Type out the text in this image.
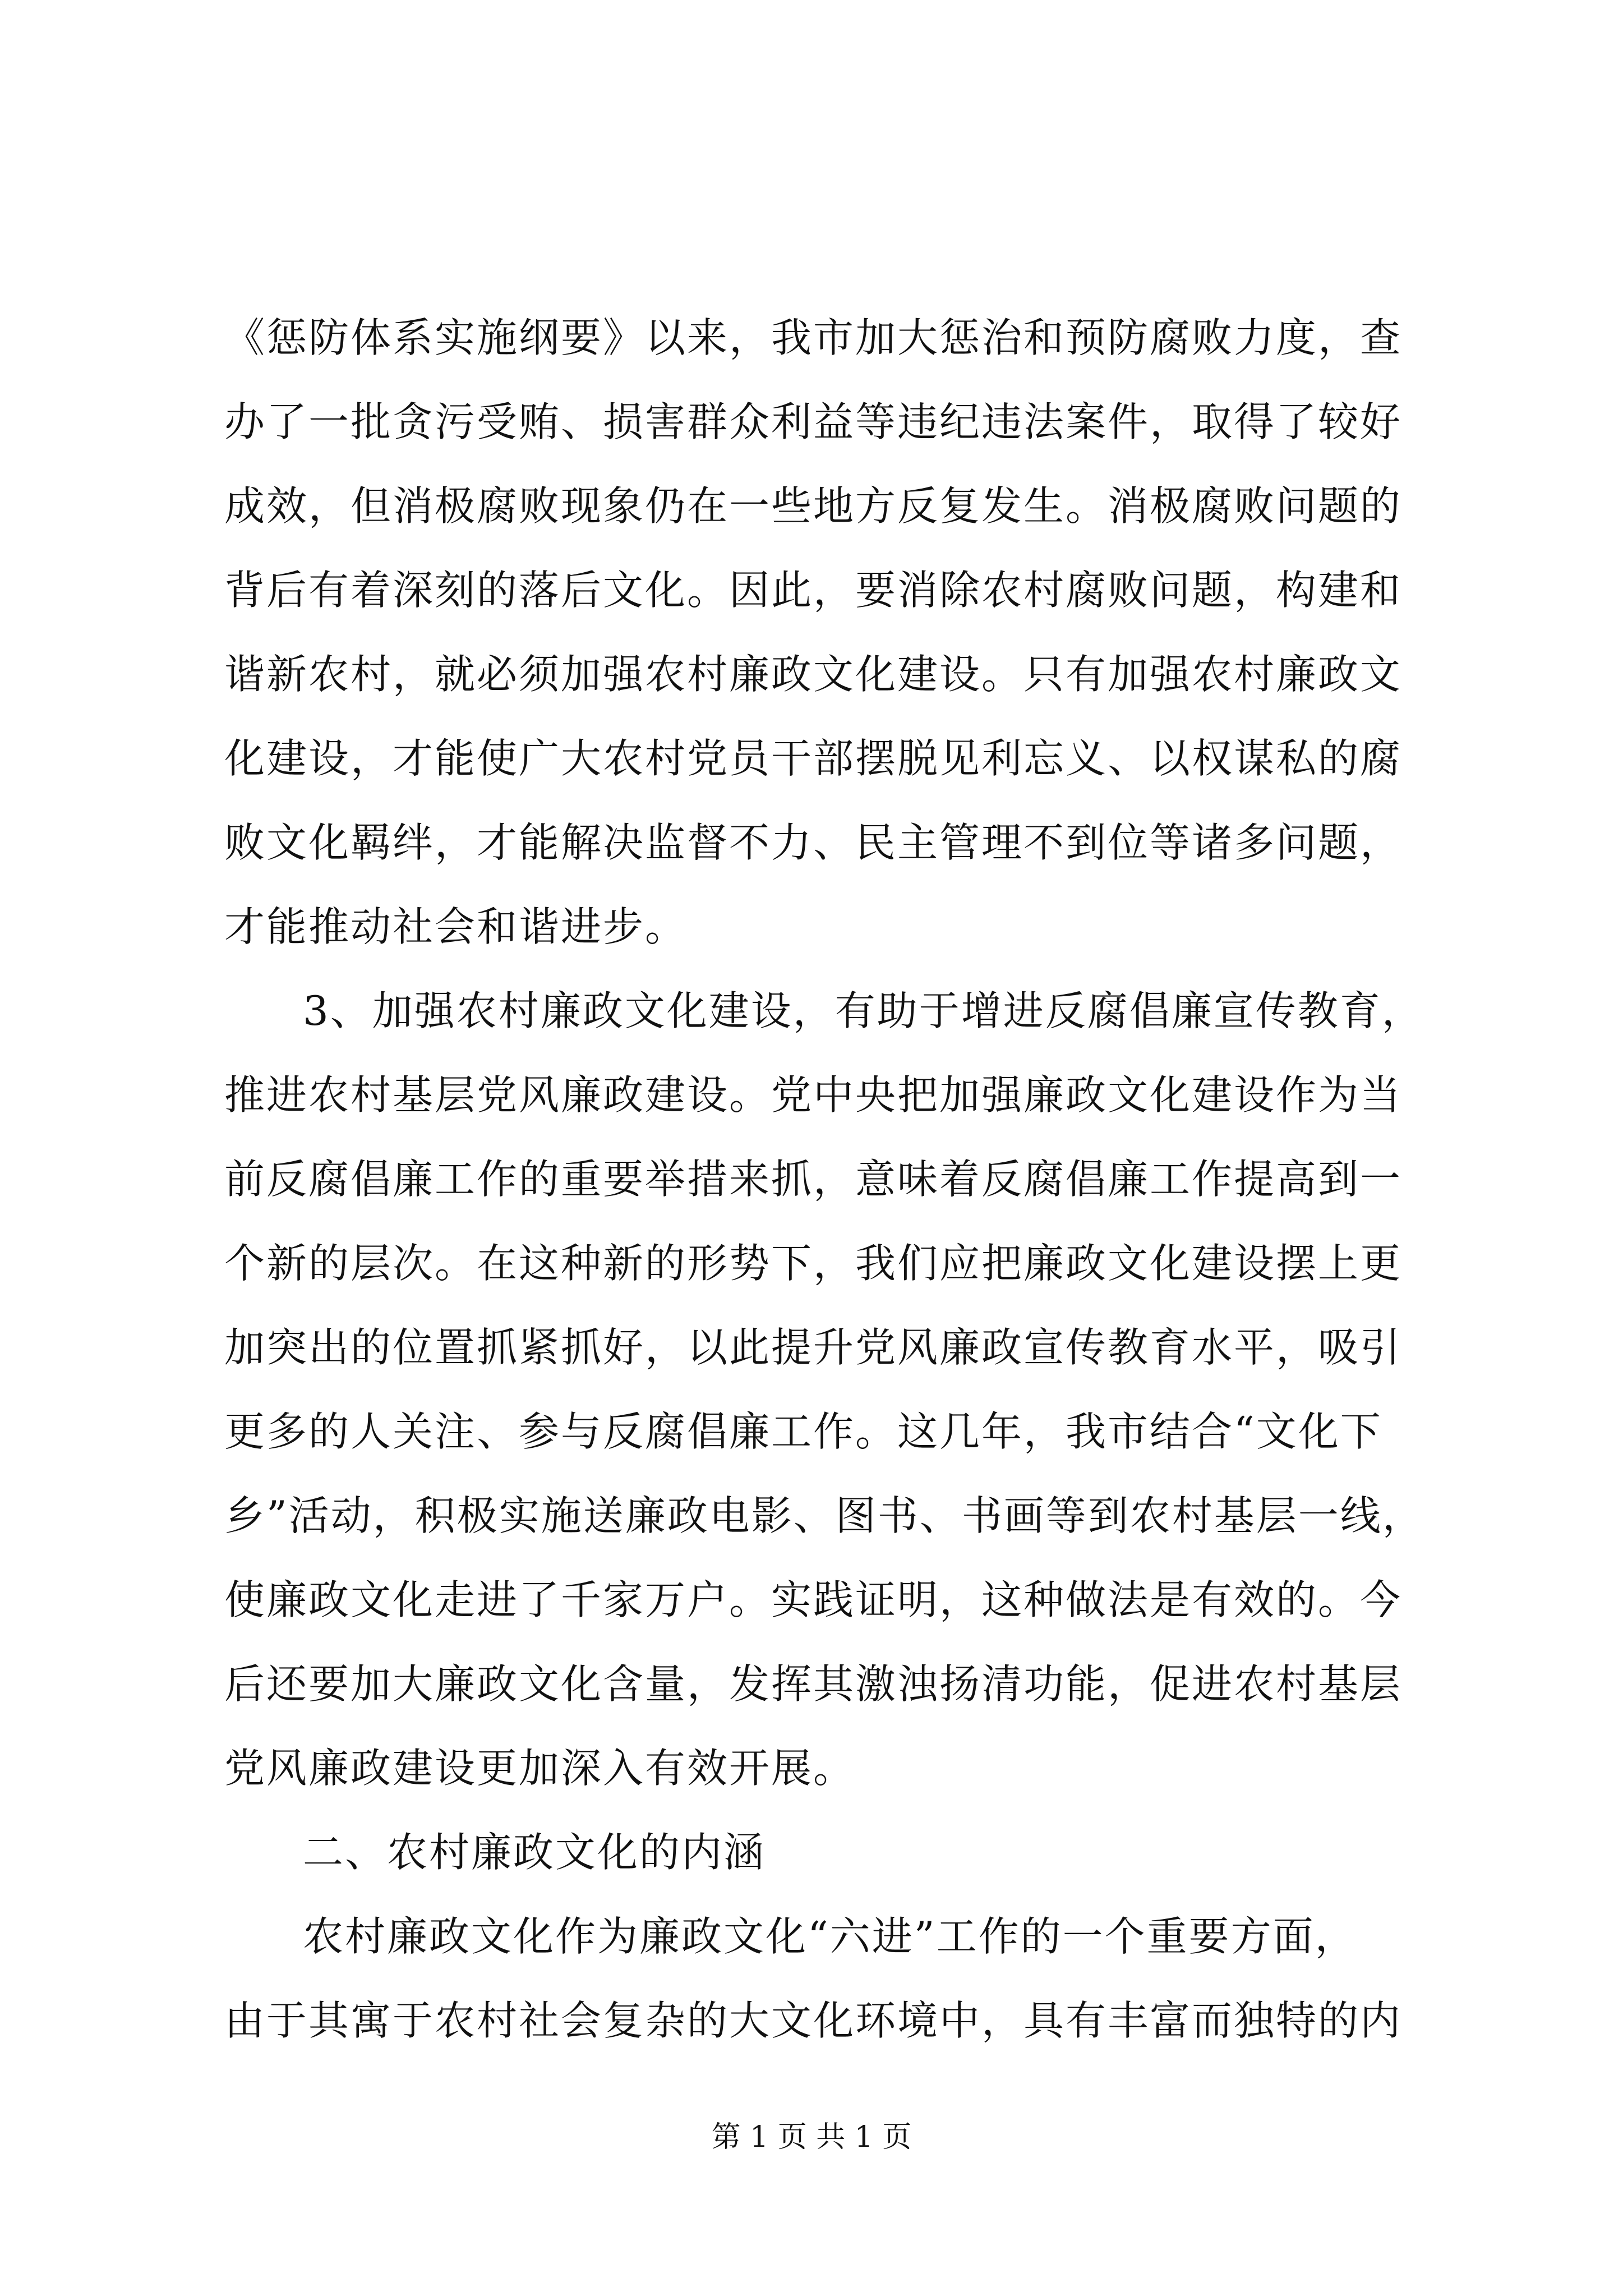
《惩防体系实施纲要》以来，我市加大惩治和预防腐败力度，查
办了一批贪污受贿、损害群众利益等违纪违法案件，取得了较好
成效，但消极腐败现象仍在一些地方反复发生。消极腐败问题的
背后有着深刻的落后文化。因此，要消除农村腐败问题，构建和
谐新农村，就必须加强农村廉政文化建设。只有加强农村廉政文
化建设，才能使广大农村党员干部摆脱见利忘义、以权谋私的腐
败文化羁绊，才能解决监督不力、民主管理不到位等诸多问题，
才能推动社会和谐进步。
3、加强农村廉政文化建设，有助于增进反腐倡廉宣传教育，
推进农村基层党风廉政建设。党中央把加强廉政文化建设作为当
前反腐倡廉工作的重要举措来抓，意味着反腐倡廉工作提高到一
个新的层次。在这种新的形势下，我们应把廉政文化建设摆上更
加突出的位置抓紧抓好，以此提升党风廉政宣传教育水平，吸引
更多的人关注、参与反腐倡廉工作。这几年，我市结合“文化下
乡”活动，积极实施送廉政电影、图书、书画等到农村基层一线，
使廉政文化走进了千家万户。实践证明，这种做法是有效的。今
后还要加大廉政文化含量，发挥其激浊扬清功能，促进农村基层
党风廉政建设更加深入有效开展。
二、农村廉政文化的内涵
农村廉政文化作为廉政文化“六进”工作的一个重要方面，
由于其寓于农村社会复杂的大文化环境中，具有丰富而独特的内
第 1 页 共 1 页
